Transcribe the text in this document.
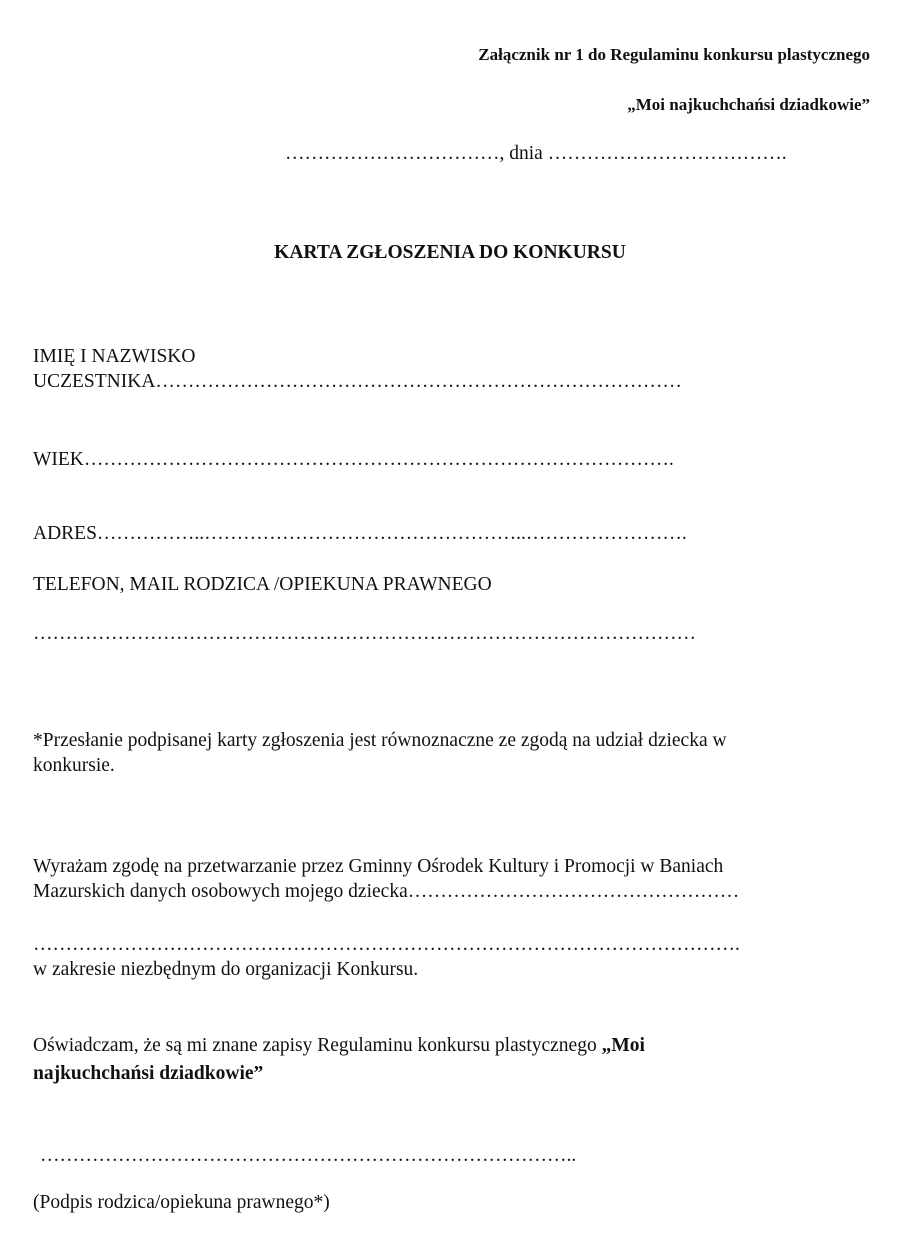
Załącznik nr 1 do Regulaminu konkursu plastycznego
„Moi najkuchchańsi dziadkowie”
……………………………, dnia ……………………………….
KARTA ZGŁOSZENIA DO KONKURSU
IMIĘ I NAZWISKO
UCZESTNIKA………………………………………………………………………
WIEK……………………………………………………………………………….
ADRES……………..…………………………………………..…………………….
TELEFON, MAIL RODZICA /OPIEKUNA PRAWNEGO
…………………………………………………………………………………………
*Przesłanie podpisanej karty zgłoszenia jest równoznaczne ze zgodą na udział dziecka w
konkursie.
Wyrażam zgodę na przetwarzanie przez Gminny Ośrodek Kultury i Promocji w Baniach
Mazurskich danych osobowych mojego dziecka……………………………………………
……………………………………………………………………………………………….
w zakresie niezbędnym do organizacji Konkursu.
Oświadczam, że są mi znane zapisy Regulaminu konkursu plastycznego „Moi
najkuchchańsi dziadkowie”
………………………………………………………………………..
(Podpis rodzica/opiekuna prawnego*)
